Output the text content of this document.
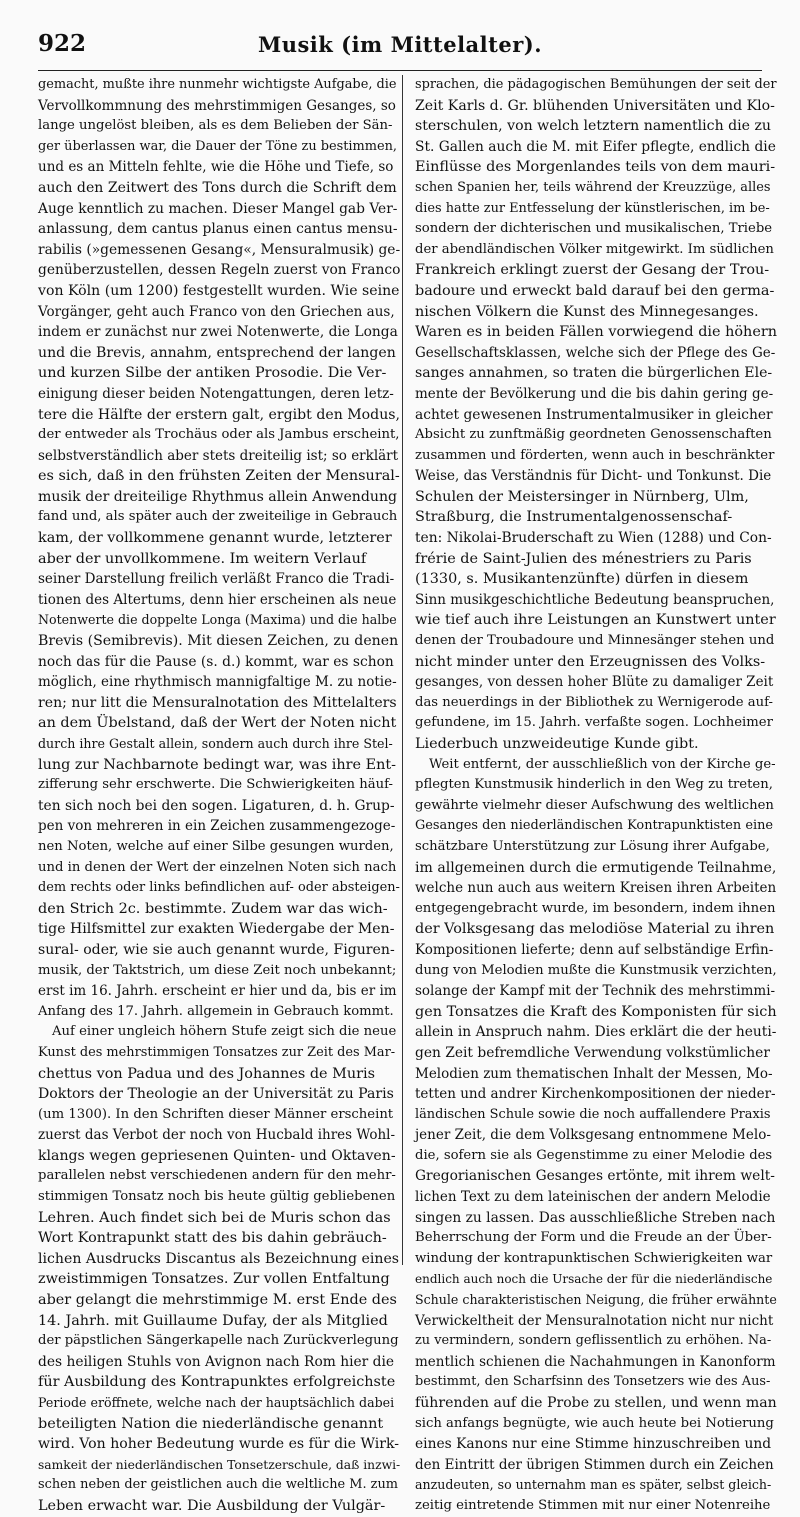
922	Musik (im Mittelalter).
gemacht, mußte ihre nunmehr wichtigste Aufgabe, die
Vervollkommnung des mehrstimmigen Gesanges, so
lange ungelöst bleiben, als es dem Belieben der Sän-
ger überlassen war, die Dauer der Töne zu bestimmen,
und es an Mitteln fehlte, wie die Höhe und Tiefe, so
auch den Zeitwert des Tons durch die Schrift dem
Auge kenntlich zu machen. Dieser Mangel gab Ver-
anlassung, dem cantus planus einen cantus mensu-
rabilis (»gemessenen Gesang«, Mensuralmusik) ge-
genüberzustellen, dessen Regeln zuerst von Franco
von Köln (um 1200) festgestellt wurden. Wie seine
Vorgänger, geht auch Franco von den Griechen aus,
indem er zunächst nur zwei Notenwerte, die Longa
und die Brevis, annahm, entsprechend der langen
und kurzen Silbe der antiken Prosodie. Die Ver-
einigung dieser beiden Notengattungen, deren letz-
tere die Hälfte der erstern galt, ergibt den Modus,
der entweder als Trochäus oder als Jambus erscheint,
selbstverständlich aber stets dreiteilig ist; so erklärt
es sich, daß in den frühsten Zeiten der Mensural-
musik der dreiteilige Rhythmus allein Anwendung
fand und, als später auch der zweiteilige in Gebrauch
kam, der vollkommene genannt wurde, letzterer
aber der unvollkommene. Im weitern Verlauf
seiner Darstellung freilich verläßt Franco die Tradi-
tionen des Altertums, denn hier erscheinen als neue
Notenwerte die doppelte Longa (Maxima) und die halbe
Brevis (Semibrevis). Mit diesen Zeichen, zu denen
noch das für die Pause (s. d.) kommt, war es schon
möglich, eine rhythmisch mannigfaltige M. zu notie-
ren; nur litt die Mensuralnotation des Mittelalters
an dem Übelstand, daß der Wert der Noten nicht
durch ihre Gestalt allein, sondern auch durch ihre Stel-
lung zur Nachbarnote bedingt war, was ihre Ent-
zifferung sehr erschwerte. Die Schwierigkeiten häuf-
ten sich noch bei den sogen. Ligaturen, d. h. Grup-
pen von mehreren in ein Zeichen zusammengezoge-
nen Noten, welche auf einer Silbe gesungen wurden,
und in denen der Wert der einzelnen Noten sich nach
dem rechts oder links befindlichen auf- oder absteigen-
den Strich 2c. bestimmte. Zudem war das wich-
tige Hilfsmittel zur exakten Wiedergabe der Men-
sural- oder, wie sie auch genannt wurde, Figuren-
musik, der Taktstrich, um diese Zeit noch unbekannt;
erst im 16. Jahrh. erscheint er hier und da, bis er im
Anfang des 17. Jahrh. allgemein in Gebrauch kommt.
Auf einer ungleich höhern Stufe zeigt sich die neue
Kunst des mehrstimmigen Tonsatzes zur Zeit des Mar-
chettus von Padua und des Johannes de Muris
Doktors der Theologie an der Universität zu Paris
(um 1300). In den Schriften dieser Männer erscheint
zuerst das Verbot der noch von Hucbald ihres Wohl-
klangs wegen gepriesenen Quinten- und Oktaven-
parallelen nebst verschiedenen andern für den mehr-
stimmigen Tonsatz noch bis heute gültig gebliebenen
Lehren. Auch findet sich bei de Muris schon das
Wort Kontrapunkt statt des bis dahin gebräuch-
lichen Ausdrucks Discantus als Bezeichnung eines
zweistimmigen Tonsatzes. Zur vollen Entfaltung
aber gelangt die mehrstimmige M. erst Ende des
14. Jahrh. mit Guillaume Dufay, der als Mitglied
der päpstlichen Sängerkapelle nach Zurückverlegung
des heiligen Stuhls von Avignon nach Rom hier die
für Ausbildung des Kontrapunktes erfolgreichste
Periode eröffnete, welche nach der hauptsächlich dabei
beteiligten Nation die niederländische genannt
wird. Von hoher Bedeutung wurde es für die Wirk-
samkeit der niederländischen Tonsetzerschule, daß inzwi-
schen neben der geistlichen auch die weltliche M. zum
Leben erwacht war. Die Ausbildung der Vulgär-
sprachen, die pädagogischen Bemühungen der seit der
Zeit Karls d. Gr. blühenden Universitäten und Klo-
sterschulen, von welch letztern namentlich die zu
St. Gallen auch die M. mit Eifer pflegte, endlich die
Einflüsse des Morgenlandes teils von dem mauri-
schen Spanien her, teils während der Kreuzzüge, alles
dies hatte zur Entfesselung der künstlerischen, im be-
sondern der dichterischen und musikalischen, Triebe
der abendländischen Völker mitgewirkt. Im südlichen
Frankreich erklingt zuerst der Gesang der Trou-
badoure und erweckt bald darauf bei den germa-
nischen Völkern die Kunst des Minnegesanges.
Waren es in beiden Fällen vorwiegend die höhern
Gesellschaftsklassen, welche sich der Pflege des Ge-
sanges annahmen, so traten die bürgerlichen Ele-
mente der Bevölkerung und die bis dahin gering ge-
achtet gewesenen Instrumentalmusiker in gleicher
Absicht zu zunftmäßig geordneten Genossenschaften
zusammen und förderten, wenn auch in beschränkter
Weise, das Verständnis für Dicht- und Tonkunst. Die
Schulen der Meistersinger in Nürnberg, Ulm,
Straßburg, die Instrumentalgenossenschaf-
ten: Nikolai-Bruderschaft zu Wien (1288) und Con-
frérie de Saint-Julien des ménestriers zu Paris
(1330, s. Musikantenzünfte) dürfen in diesem
Sinn musikgeschichtliche Bedeutung beanspruchen,
wie tief auch ihre Leistungen an Kunstwert unter
denen der Troubadoure und Minnesänger stehen und
nicht minder unter den Erzeugnissen des Volks-
gesanges, von dessen hoher Blüte zu damaliger Zeit
das neuerdings in der Bibliothek zu Wernigerode auf-
gefundene, im 15. Jahrh. verfaßte sogen. Lochheimer
Liederbuch unzweideutige Kunde gibt.
Weit entfernt, der ausschließlich von der Kirche ge-
pflegten Kunstmusik hinderlich in den Weg zu treten,
gewährte vielmehr dieser Aufschwung des weltlichen
Gesanges den niederländischen Kontrapunktisten eine
schätzbare Unterstützung zur Lösung ihrer Aufgabe,
im allgemeinen durch die ermutigende Teilnahme,
welche nun auch aus weitern Kreisen ihren Arbeiten
entgegengebracht wurde, im besondern, indem ihnen
der Volksgesang das melodiöse Material zu ihren
Kompositionen lieferte; denn auf selbständige Erfin-
dung von Melodien mußte die Kunstmusik verzichten,
solange der Kampf mit der Technik des mehrstimmi-
gen Tonsatzes die Kraft des Komponisten für sich
allein in Anspruch nahm. Dies erklärt die der heuti-
gen Zeit befremdliche Verwendung volkstümlicher
Melodien zum thematischen Inhalt der Messen, Mo-
tetten und andrer Kirchenkompositionen der nieder-
ländischen Schule sowie die noch auffallendere Praxis
jener Zeit, die dem Volksgesang entnommene Melo-
die, sofern sie als Gegenstimme zu einer Melodie des
Gregorianischen Gesanges ertönte, mit ihrem welt-
lichen Text zu dem lateinischen der andern Melodie
singen zu lassen. Das ausschließliche Streben nach
Beherrschung der Form und die Freude an der Über-
windung der kontrapunktischen Schwierigkeiten war
endlich auch noch die Ursache der für die niederländische
Schule charakteristischen Neigung, die früher erwähnte
Verwickeltheit der Mensuralnotation nicht nur nicht
zu vermindern, sondern geflissentlich zu erhöhen. Na-
mentlich schienen die Nachahmungen in Kanonform
bestimmt, den Scharfsinn des Tonsetzers wie des Aus-
führenden auf die Probe zu stellen, und wenn man
sich anfangs begnügte, wie auch heute bei Notierung
eines Kanons nur eine Stimme hinzuschreiben und
den Eintritt der übrigen Stimmen durch ein Zeichen
anzudeuten, so unternahm man es später, selbst gleich-
zeitig eintretende Stimmen mit nur einer Notenreihe
